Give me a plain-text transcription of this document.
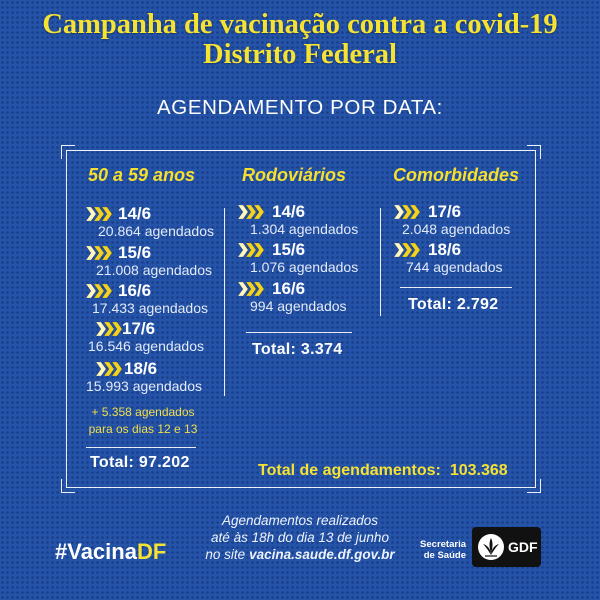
Campanha de vacinação contra a covid-19
Distrito Federal
AGENDAMENTO POR DATA:
50 a 59 anos
14/6
20.864 agendados
15/6
21.008 agendados
16/6
17.433 agendados
17/6
16.546 agendados
18/6
15.993 agendados
+ 5.358 agendados
para os dias 12 e 13
Total: 97.202
Rodoviários
14/6
1.304 agendados
15/6
1.076 agendados
16/6
994 agendados
Total: 3.374
Comorbidades
17/6
2.048 agendados
18/6
744 agendados
Total: 2.792
Total de agendamentos: 103.368
#VacinaDF
Agendamentos realizados
até às 18h do dia 13 de junho
no site vacina.saude.df.gov.br
Secretaria
de Saúde
GDF
